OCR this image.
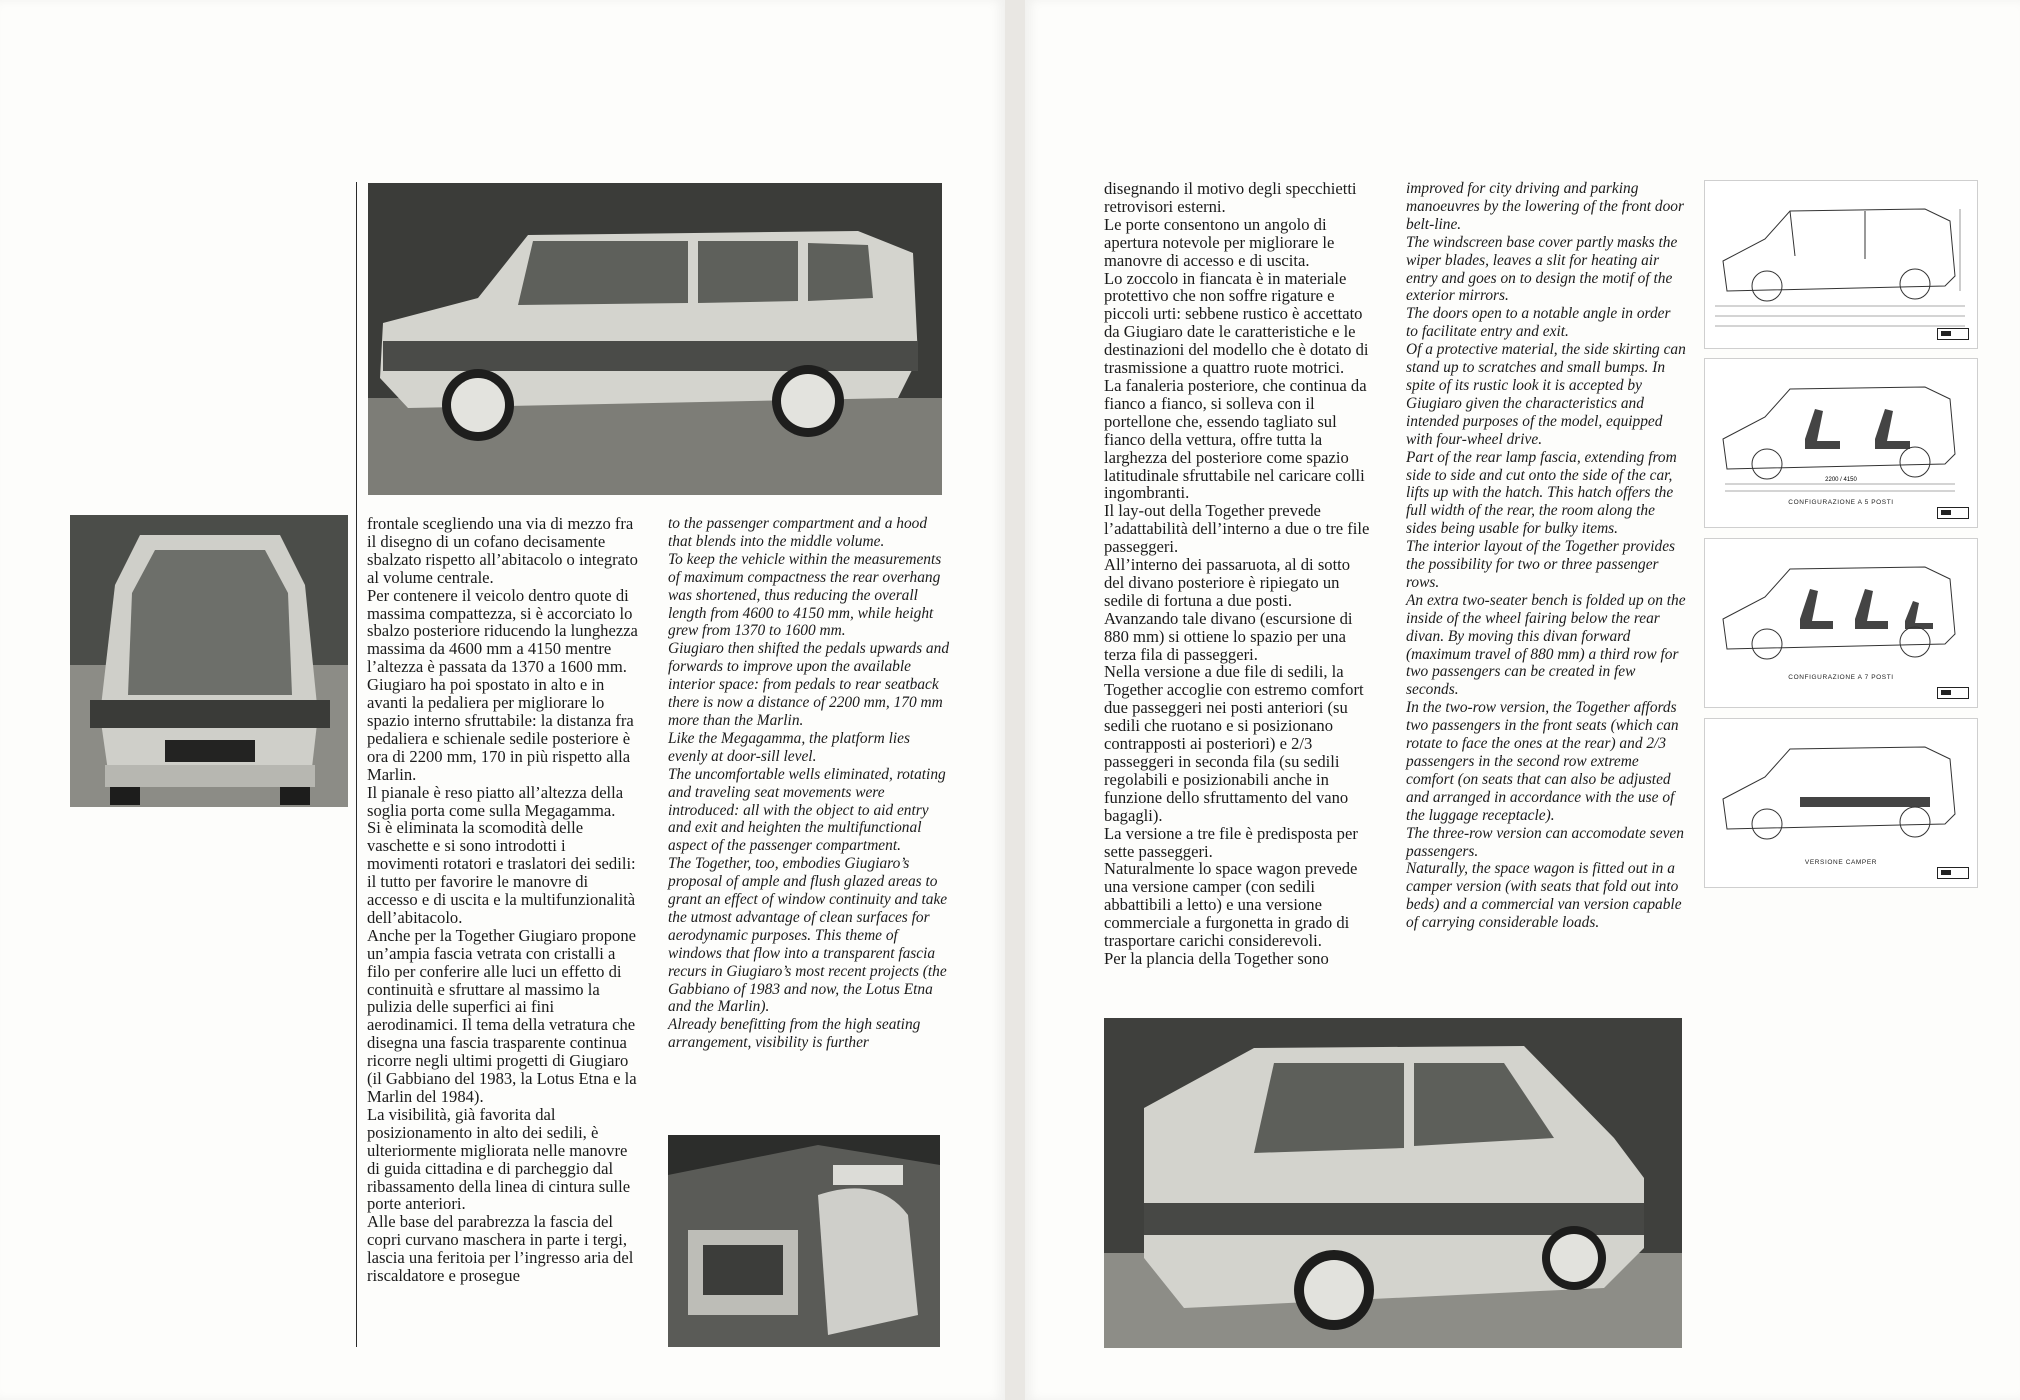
frontale scegliendo una via di mezzo fra il disegno di un cofano decisamente sbalzato rispetto all’abitacolo o integrato al volume centrale.

Per contenere il veicolo dentro quote di massima compattezza, si è accorciato lo sbalzo posteriore riducendo la lunghezza massima da 4600 mm a 4150 mentre l’altezza è passata da 1370 a 1600 mm.

Giugiaro ha poi spostato in alto e in avanti la pedaliera per migliorare lo spazio interno sfruttabile: la distanza fra pedaliera e schienale sedile posteriore è ora di 2200 mm, 170 in più rispetto alla Marlin.

Il pianale è reso piatto all’altezza della soglia porta come sulla Megagamma.

Si è eliminata la scomodità delle vaschette e si sono introdotti i movimenti rotatori e traslatori dei sedili: il tutto per favorire le manovre di accesso e di uscita e la multifunzionalità dell’abitacolo.

Anche per la Together Giugiaro propone un’ampia fascia vetrata con cristalli a filo per conferire alle luci un effetto di continuità e sfruttare al massimo la pulizia delle superfici ai fini aerodinamici. Il tema della vetratura che disegna una fascia trasparente continua ricorre negli ultimi progetti di Giugiaro (il Gabbiano del 1983, la Lotus Etna e la Marlin del 1984).

La visibilità, già favorita dal posizionamento in alto dei sedili, è ulteriormente migliorata nelle manovre di guida cittadina e di parcheggio dal ribassamento della linea di cintura sulle porte anteriori.

Alle base del parabrezza la fascia del copri curvano maschera in parte i tergi, lascia una feritoia per l’ingresso aria del riscaldatore e prosegue

to the passenger compartment and a hood that blends into the middle volume.

To keep the vehicle within the measurements of maximum compactness the rear overhang was shortened, thus reducing the overall length from 4600 to 4150 mm, while height grew from 1370 to 1600 mm.

Giugiaro then shifted the pedals upwards and forwards to improve upon the available interior space: from pedals to rear seatback there is now a distance of 2200 mm, 170 mm more than the Marlin.

Like the Megagamma, the platform lies evenly at door-sill level.

The uncomfortable wells eliminated, rotating and traveling seat movements were introduced: all with the object to aid entry and exit and heighten the multifunctional aspect of the passenger compartment.

The Together, too, embodies Giugiaro’s proposal of ample and flush glazed areas to grant an effect of window continuity and take the utmost advantage of clean surfaces for aerodynamic purposes. This theme of windows that flow into a transparent fascia recurs in Giugiaro’s most recent projects (the Gabbiano of 1983 and now, the Lotus Etna and the Marlin).

Already benefitting from the high seating arrangement, visibility is further

disegnando il motivo degli specchietti retrovisori esterni.

Le porte consentono un angolo di apertura notevole per migliorare le manovre di accesso e di uscita.

Lo zoccolo in fiancata è in materiale protettivo che non soffre rigature e piccoli urti: sebbene rustico è accettato da Giugiaro date le caratteristiche e le destinazioni del modello che è dotato di trasmissione a quattro ruote motrici.

La fanaleria posteriore, che continua da fianco a fianco, si solleva con il portellone che, essendo tagliato sul fianco della vettura, offre tutta la larghezza del posteriore come spazio latitudinale sfruttabile nel caricare colli ingombranti.

Il lay-out della Together prevede l’adattabilità dell’interno a due o tre file passeggeri.

All’interno dei passaruota, al di sotto del divano posteriore è ripiegato un sedile di fortuna a due posti.

Avanzando tale divano (escursione di 880 mm) si ottiene lo spazio per una terza fila di passeggeri.

Nella versione a due file di sedili, la Together accoglie con estremo comfort due passeggeri nei posti anteriori (su sedili che ruotano e si posizionano contrapposti ai posteriori) e 2/3 passeggeri in seconda fila (su sedili regolabili e posizionabili anche in funzione dello sfruttamento del vano bagagli).

La versione a tre file è predisposta per sette passeggeri.

Naturalmente lo space wagon prevede una versione camper (con sedili abbattibili a letto) e una versione commerciale a furgonetta in grado di trasportare carichi considerevoli.

Per la plancia della Together sono

improved for city driving and parking manoeuvres by the lowering of the front door belt-line.

The windscreen base cover partly masks the wiper blades, leaves a slit for heating air entry and goes on to design the motif of the exterior mirrors.

The doors open to a notable angle in order to facilitate entry and exit.

Of a protective material, the side skirting can stand up to scratches and small bumps. In spite of its rustic look it is accepted by Giugiaro given the characteristics and intended purposes of the model, equipped with four-wheel drive.

Part of the rear lamp fascia, extending from side to side and cut onto the side of the car, lifts up with the hatch. This hatch offers the full width of the rear, the room along the sides being usable for bulky items.

The interior layout of the Together provides the possibility for two or three passenger rows.

An extra two-seater bench is folded up on the inside of the wheel fairing below the rear divan. By moving this divan forward (maximum travel of 880 mm) a third row for two passengers can be created in few seconds.

In the two-row version, the Together affords two passengers in the front seats (which can rotate to face the ones at the rear) and 2/3 passengers in the second row extreme comfort (on seats that can also be adjusted and arranged in accordance with the use of the luggage receptacle).

The three-row version can accomodate seven passengers.

Naturally, the space wagon is fitted out in a camper version (with seats that fold out into beds) and a commercial van version capable of carrying considerable loads.

2200 / 4150
CONFIGURAZIONE A 5 POSTI
CONFIGURAZIONE A 7 POSTI
VERSIONE CAMPER
